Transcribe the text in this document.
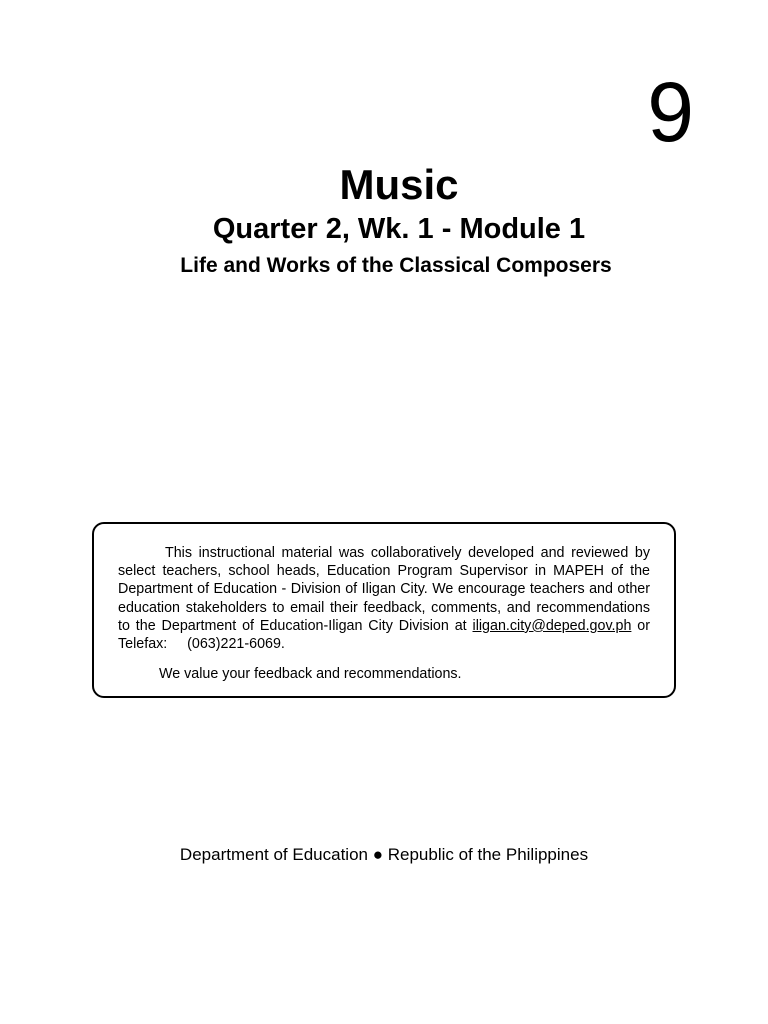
9
Music
Quarter 2, Wk. 1 - Module 1
Life and Works of the Classical Composers

This instructional material was collaboratively developed and reviewed by select teachers, school heads, Education Program Supervisor in MAPEH of the Department of Education - Division of Iligan City. We encourage teachers and other education stakeholders to email their feedback, comments, and recommendations to the Department of Education-Iligan City Division at iligan.city@deped.gov.ph or Telefax:     (063)221-6069.

We value your feedback and recommendations.

Department of Education ● Republic of the Philippines
